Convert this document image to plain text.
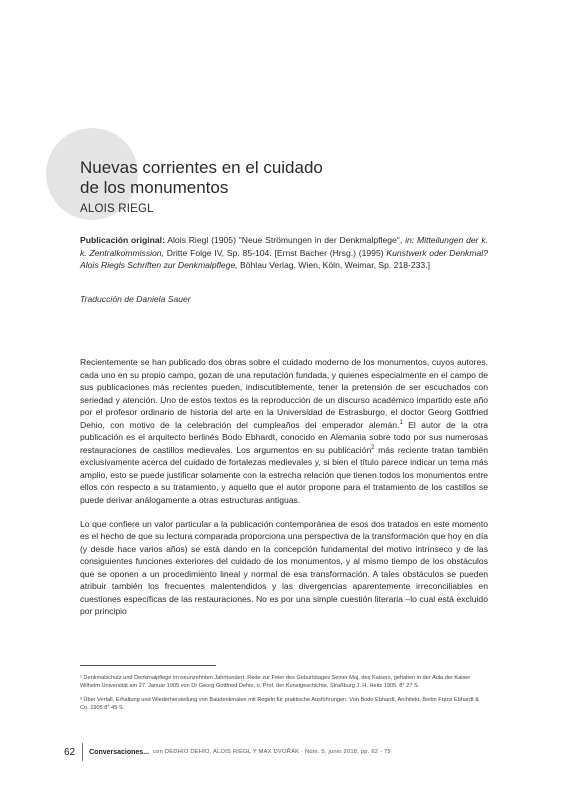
Nuevas corrientes en el cuidado
de los monumentos
ALOIS RIEGL
Publicación original: Alois Riegl (1905) "Neue Strömungen in der Denkmalpflege", in: Mitteilungen der k. k. Zentralkommission, Dritte Folge IV, Sp. 85-104. [Ernst Bacher (Hrsg.) (1995) Kunstwerk oder Denkmal? Alois Riegls Schriften zur Denkmalpflege, Böhlau Verlag, Wien, Köln, Weimar, Sp. 218-233.]
Traducción de Daniela Sauer

Recientemente se han publicado dos obras sobre el cuidado moderno de los monumentos, cuyos autores, cada uno en su propio campo, gozan de una reputación fundada, y quienes especialmente en el campo de sus publicaciones más recientes pueden, indiscutiblemente, tener la pretensión de ser escuchados con seriedad y atención. Uno de estos textos es la reproducción de un discurso académico impartido este año por el profesor ordinario de historia del arte en la Universidad de Estrasburgo, el doctor Georg Gottfried Dehio, con motivo de la celebración del cumpleaños del emperador alemán.$^1$ El autor de la otra publicación es el arquitecto berlinés Bodo Ebhardt, conocido en Alemania sobre todo por sus numerosas restauraciones de castillos medievales. Los argumentos en su publicación$^2$ más reciente tratan también exclusivamente acerca del cuidado de fortalezas medievales y, si bien el título parece indicar un tema más amplio, esto se puede justificar solamente con la estrecha relación que tienen todos los monumentos entre ellos con respecto a su tratamiento, y aquello que el autor propone para el tratamiento de los castillos se puede derivar análogamente a otras estructuras antiguas.

Lo que confiere un valor particular a la publicación contemporánea de esos dos tratados en este momento es el hecho de que su lectura comparada proporciona una perspectiva de la transformación que hoy en día (y desde hace varios años) se está dando en la concepción fundamental del motivo intrínseco y de las consiguientes funciones exteriores del cuidado de los monumentos, y al mismo tiempo de los obstáculos que se oponen a un procedimiento lineal y normal de esa transformación. A tales obstáculos se pueden atribuir también los frecuentes malentendidos y las divergencias aparentemente irreconciliables en cuestiones específicas de las restauraciones. No es por una simple cuestión literaria –lo cual está excluido por principio

¹ Denkmalschutz und Denkmalpflege im neunzehnten Jahrhundert. Rede zur Feier des Geburtstages Seiner Maj. des Kaisers, gehalten in der Aula der Kaiser Wilhelm Universität am 27. Januar 1905 von Dr Georg Gottfried Dehio, o. Prof. der Kunstgeschichte. Straßburg J. H. Heitz 1905. 8° 27 S.
² Über Verfall, Erhaltung und Wiederherstellung von Baudenkmalen mit Regeln für praktische Ausführungen. Von Bodo Ebhardt, Architekt, Berlin Franz Ebhardt & Co. 1905 8° 45 S.
62	Conversaciones... con DEDHIO DEHIO, ALOIS RIEGL Y MAX DVOŘÁK · Núm. 5, junio 2018, pp. 62 - 75
